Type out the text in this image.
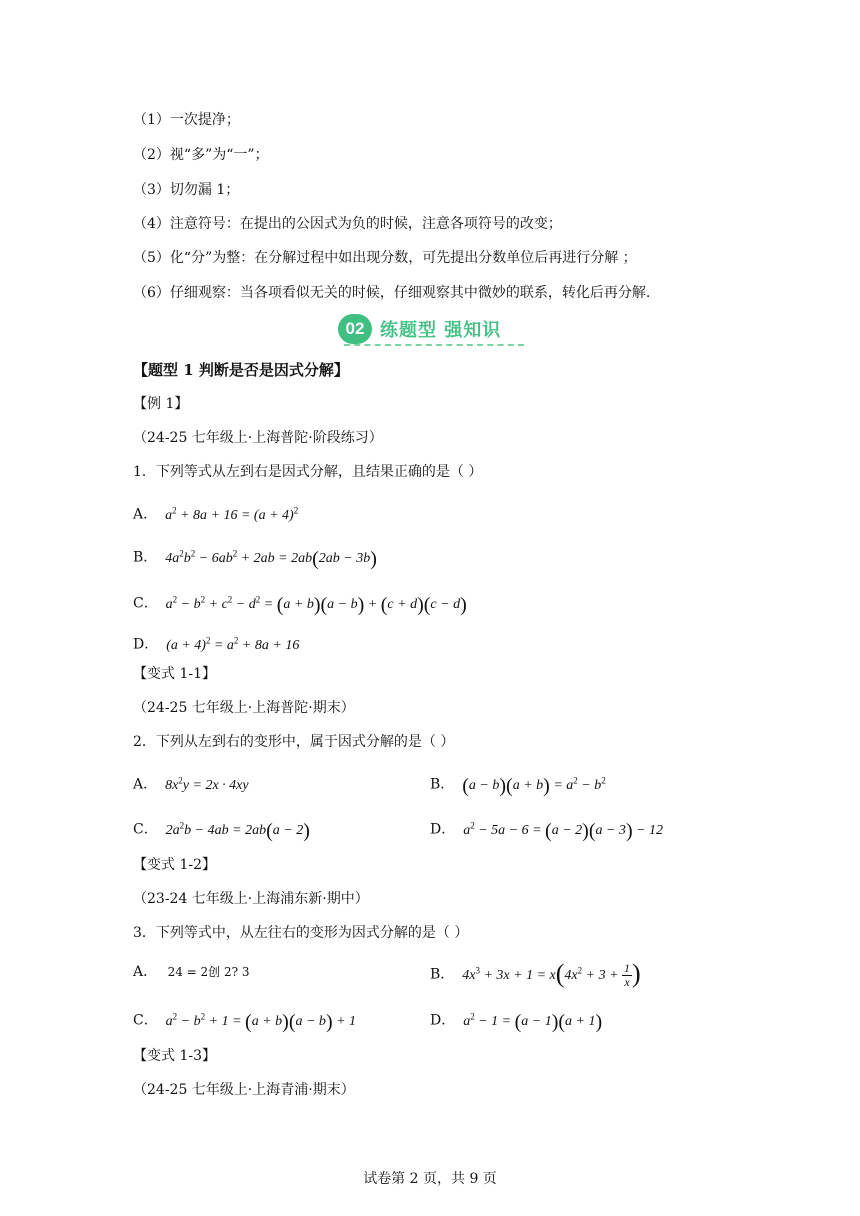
（1）一次提净；
（2）视“多”为“一”；
（3）切勿漏 1；
（4）注意符号：在提出的公因式为负的时候，注意各项符号的改变；
（5）化“分”为整：在分解过程中如出现分数，可先提出分数单位后再进行分解 ；
（6）仔细观察：当各项看似无关的时候，仔细观察其中微妙的联系，转化后再分解.
02 练题型 强知识
【题型 1 判断是否是因式分解】
【例 1】
（24-25 七年级上·上海普陀·阶段练习）
1．下列等式从左到右是因式分解，且结果正确的是（ ）
A．  $a^2 + 8a + 16 = (a + 4)^2$
B．  $4a^2b^2 - 6ab^2 + 2ab = 2ab(2ab - 3b)$
C．  $a^2 - b^2 + c^2 - d^2 = (a + b)(a - b) + (c + d)(c - d)$
D．  $(a + 4)^2 = a^2 + 8a + 16$
【变式 1-1】
（24-25 七年级上·上海普陀·期末）
2．下列从左到右的变形中，属于因式分解的是（ ）
A．  $8x^2y = 2x \cdot 4xy$	B． $(a - b)(a + b) = a^2 - b^2$
C．  $2a^2b - 4ab = 2ab(a - 2)$	D．  $a^2 - 5a - 6 = (a - 2)(a - 3) - 12$
【变式 1-2】
（23-24 七年级上·上海浦东新·期中）
3．下列等式中，从左往右的变形为因式分解的是（ ）
A． 24 = 2创 2? 3	B．  $4x^3 + 3x + 1 = x(4x^2 + 3 + \frac{1}{x}$ )
C．  $a^2 - b^2 + 1 = (a + b)(a - b) + 1$	D．  $a^2 - 1 = (a - 1)(a + 1)$
【变式 1-3】
（24-25 七年级上·上海青浦·期末）
试卷第 2 页，共 9 页
